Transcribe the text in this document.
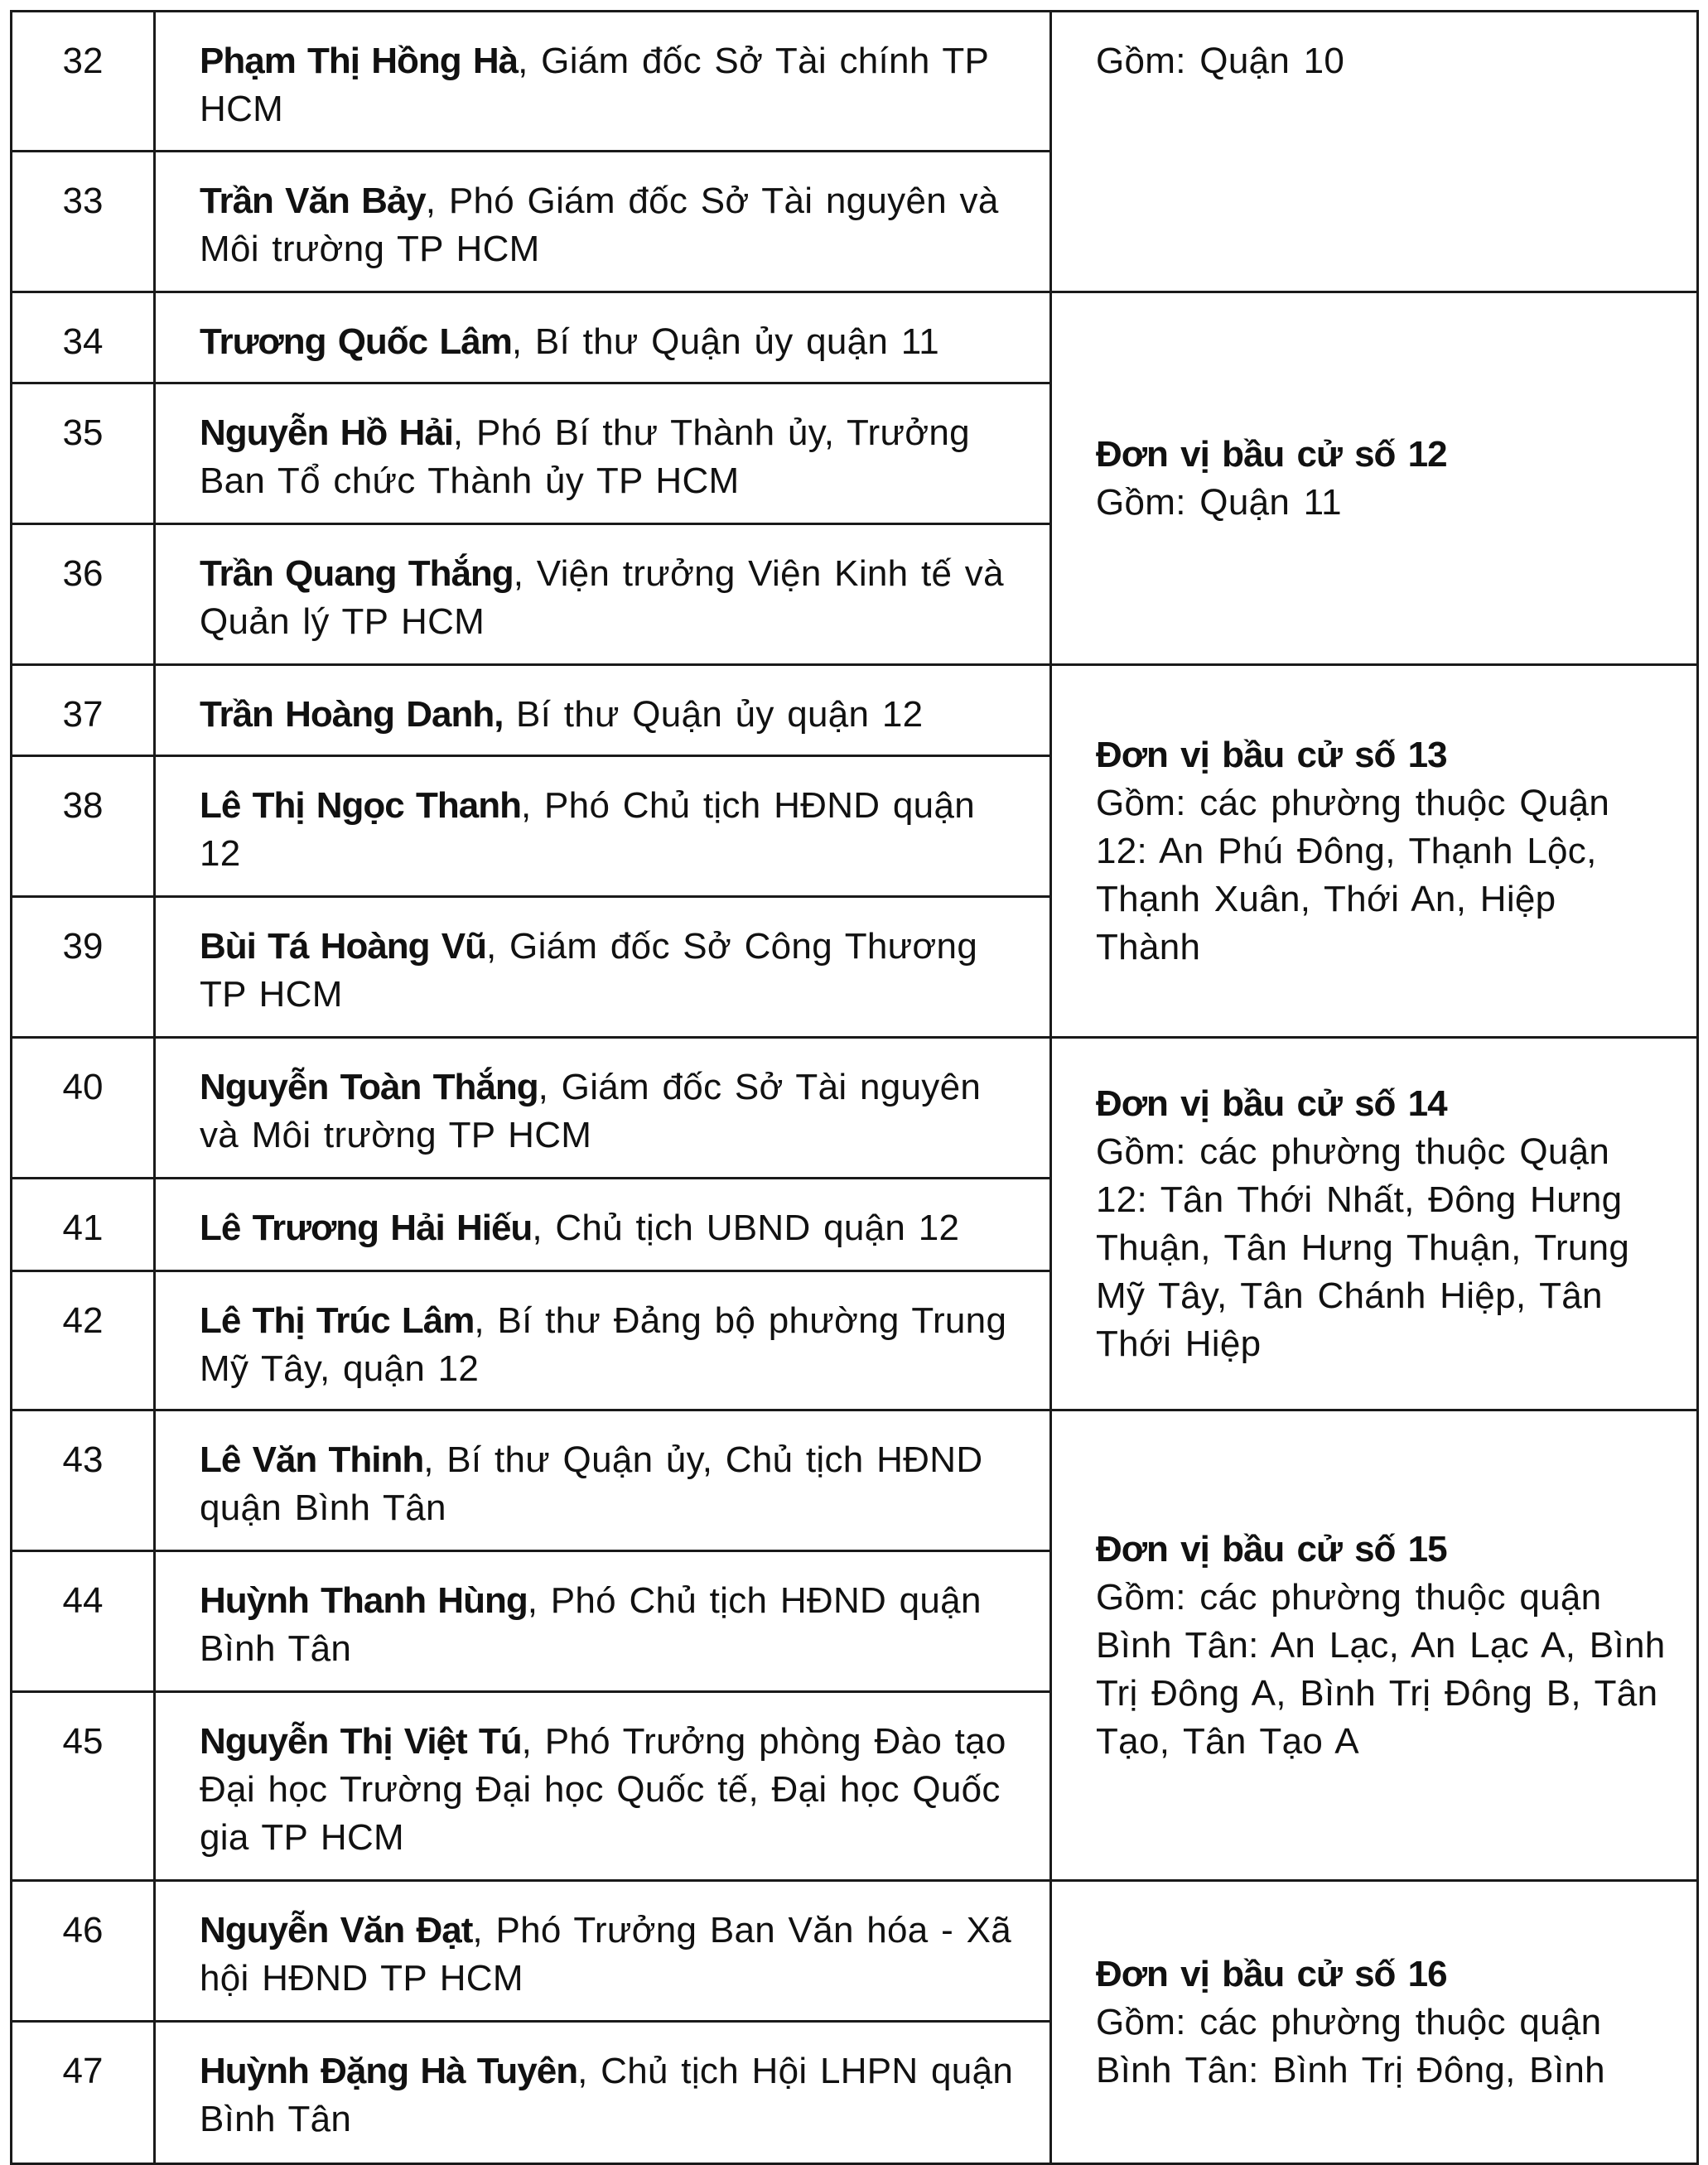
32	Phạm Thị Hồng Hà, Giám đốc Sở Tài chính TP HCM	Gồm: Quận 10

33	Trần Văn Bảy, Phó Giám đốc Sở Tài nguyên và Môi trường TP HCM	
34	Trương Quốc Lâm, Bí thư Quận ủy quận 11	Đơn vị bầu cử số 12
Gồm: Quận 11

35	Nguyễn Hồ Hải, Phó Bí thư Thành ủy, Trưởng Ban Tổ chức Thành ủy TP HCM	
36	Trần Quang Thắng, Viện trưởng Viện Kinh tế và Quản lý TP HCM	
37	Trần Hoàng Danh, Bí thư Quận ủy quận 12	Đơn vị bầu cử số 13
Gồm: các phường thuộc Quận 12: An Phú Đông, Thạnh Lộc, Thạnh Xuân, Thới An, Hiệp Thành

38	Lê Thị Ngọc Thanh, Phó Chủ tịch HĐND quận 12	
39	Bùi Tá Hoàng Vũ, Giám đốc Sở Công Thương TP HCM	
40	Nguyễn Toàn Thắng, Giám đốc Sở Tài nguyên và Môi trường TP HCM	Đơn vị bầu cử số 14
Gồm: các phường thuộc Quận 12: Tân Thới Nhất, Đông Hưng Thuận, Tân Hưng Thuận, Trung Mỹ Tây, Tân Chánh Hiệp, Tân Thới Hiệp

41	Lê Trương Hải Hiếu, Chủ tịch UBND quận 12	
42	Lê Thị Trúc Lâm, Bí thư Đảng bộ phường Trung Mỹ Tây, quận 12	
43	Lê Văn Thinh, Bí thư Quận ủy, Chủ tịch HĐND quận Bình Tân	Đơn vị bầu cử số 15
Gồm: các phường thuộc quận Bình Tân: An Lạc, An Lạc A, Bình Trị Đông A, Bình Trị Đông B, Tân Tạo, Tân Tạo A

44	Huỳnh Thanh Hùng, Phó Chủ tịch HĐND quận Bình Tân	
45	Nguyễn Thị Việt Tú, Phó Trưởng phòng Đào tạo Đại học Trường Đại học Quốc tế, Đại học Quốc gia TP HCM	
46	Nguyễn Văn Đạt, Phó Trưởng Ban Văn hóa - Xã hội HĐND TP HCM	Đơn vị bầu cử số 16
Gồm: các phường thuộc quận Bình Tân: Bình Trị Đông, Bình

47	Huỳnh Đặng Hà Tuyên, Chủ tịch Hội LHPN quận Bình Tân	
